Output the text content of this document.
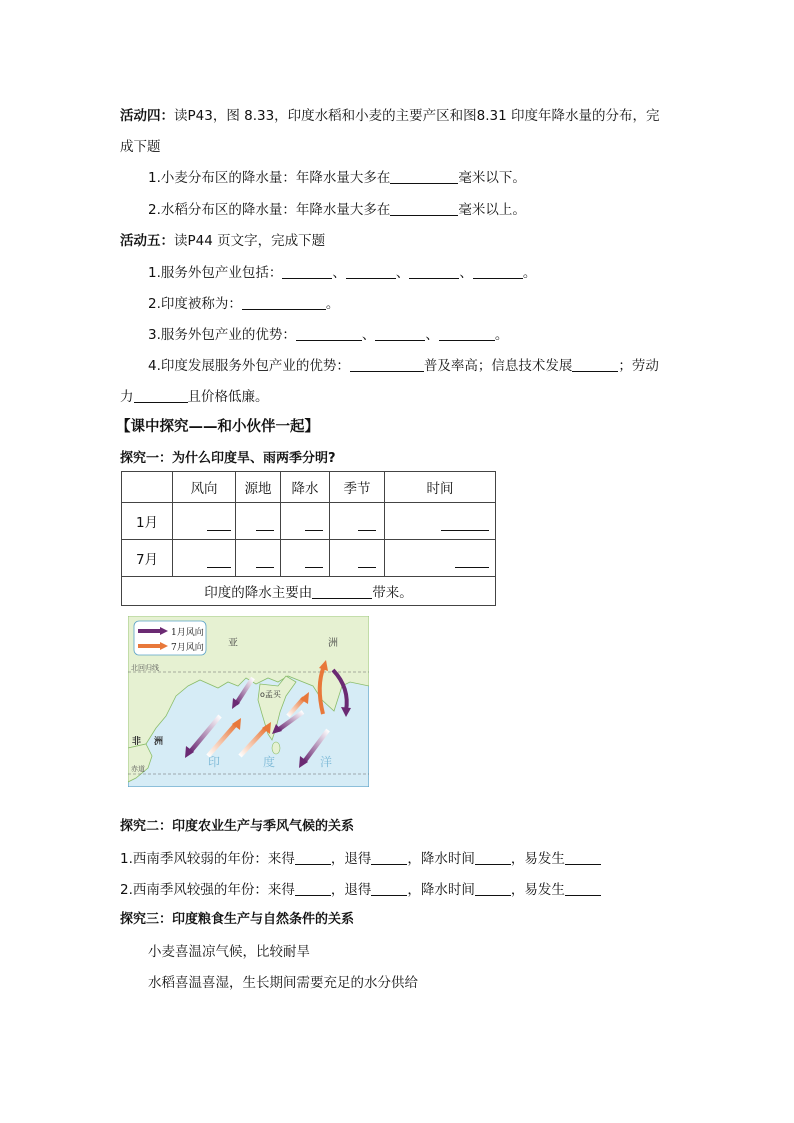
活动四：读P43，图 8.33，印度水稻和小麦的主要产区和图8.31 印度年降水量的分布，完
成下题
1.小麦分布区的降水量：年降水量大多在	毫米以下。
2.水稻分布区的降水量：年降水量大多在	毫米以上。
活动五：读P44 页文字，完成下题
1.服务外包产业包括：	、	、	、	。
2.印度被称为：	。
3.服务外包产业的优势：	、	、	。
4.印度发展服务外包产业的优势：	普及率高；信息技术发展	；劳动
力	且价格低廉。
【课中探究——和小伙伴一起】
探究一：为什么印度旱、雨两季分明?
	风向	源地	降水	季节	时间
1月					
7月					
印度的降水主要由 带来。					
1月风向
7月风向 亚	洲
北回归线
o孟买
非 洲
赤道	印	度	洋
探究二：印度农业生产与季风气候的关系
1.西南季风较弱的年份：来得	，退得	，降水时间	，易发生
2.西南季风较强的年份：来得	，退得	，降水时间	，易发生
探究三：印度粮食生产与自然条件的关系
小麦喜温凉气候，比较耐旱
水稻喜温喜湿，生长期间需要充足的水分供给
